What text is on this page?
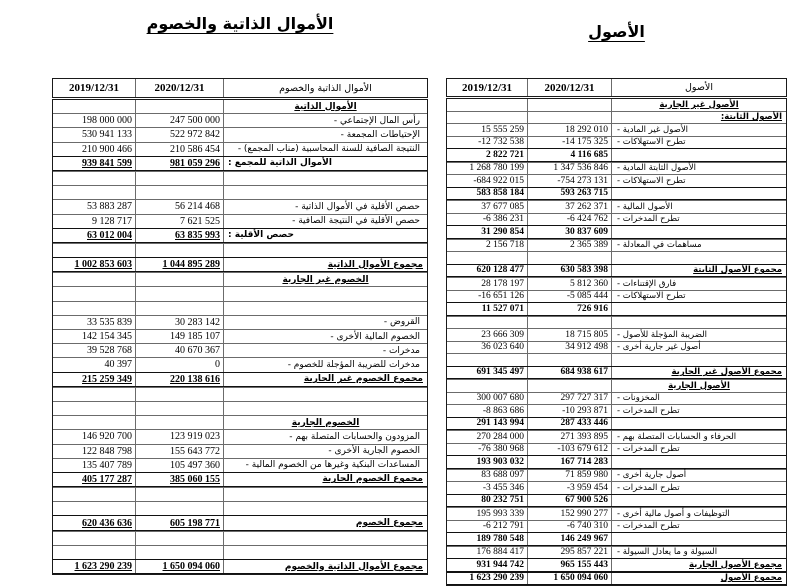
الأموال الذاتية والخصوم	الأصول
2019/12/31	2020/12/31	الأموال الذاتية والخصوم
الأموال الذاتية
198 000 000	247 500 000	- رأس المال الإجتماعي
530 941 133	522 972 842	- الإحتياطات المجمعة
210 900 466	210 586 454	- النتيجة الصافية للسنة المحاسبية (مناب المجمع)
939 841 599	981 059 296 الأموال الذاتية للمجمع :
53 883 287	56 214 468	- حصص الأقلية في الأموال الذاتية
9 128 717	7 621 525	- حصص الأقلية في النتيجة الصافية
63 012 004	63 835 993 حصص الأقلية :
1 002 853 603	1 044 895 289	مجموع الأموال الذاتية
الخصوم غير الجارية
33 535 839	30 283 142	- القروض
142 154 345	149 185 107	- الخصوم المالية الأخرى
39 528 768	40 670 367	- مدخرات
40 397	0	- مدخرات للضريبة المؤجلة للخصوم
215 259 349	220 138 616	مجموع الخصوم غير الجارية
الخصوم الجارية
146 920 700	123 919 023	- المزودون والحسابات المتصلة بهم
122 848 798	155 643 772	- الخصوم الجارية الأخرى
135 407 789	105 497 360	- المساعدات البنكية وغيرها من الخصوم المالية
405 177 287	385 060 155	مجموع الخصوم الجارية
620 436 636	605 198 771	مجموع الخصوم
1 623 290 239	1 650 094 060	مجموع الأموال الذاتية والخصوم
2019/12/31	2020/12/31	الأصول
الأصول غير الجارية
الأصول الثابتة:
15 555 259	18 292 010	- الأصول غير المادية
-12 732 538	-14 175 325	- تطرح الاستهلاكات
2 822 721	4 116 685
1 268 780 199	1 347 536 846	- الأصول الثابتة المادية
-684 922 015	-754 273 131	- تطرح الاستهلاكات
583 858 184	593 263 715
37 677 085	37 262 371	- الأصول المالية
-6 386 231	-6 424 762	- تطرح المدخرات
31 290 854	30 837 609
2 156 718	2 365 389	- مساهمات في المعادلة
620 128 477	630 583 398	مجموع الأصول الثابتة
28 178 197	5 812 360	- فارق الإقتناءات
-16 651 126	-5 085 444	- تطرح الاستهلاكات
11 527 071	726 916
23 666 309	18 715 805	- الضريبة المؤجلة للأصول
36 023 640	34 912 498	- أصول غير جارية أخرى
691 345 497	684 938 617	مجموع الأصول غير الجارية
الأصول الجارية
300 007 680	297 727 317	- المخزونات
-8 863 686	-10 293 871	- تطرح المدخرات
291 143 994	287 433 446
270 284 000	271 393 895	- الحرفاء و الحسابات المتصلة بهم
-76 380 968	-103 679 612	- تطرح المدخرات
193 903 032	167 714 283
83 688 097	71 859 980	- أصول جارية أخرى
-3 455 346	-3 959 454	- تطرح المدخرات
80 232 751	67 900 526
195 993 339	152 990 277	- التوظيفات و أصول مالية أخرى
-6 212 791	-6 740 310	- تطرح المدخرات
189 780 548	146 249 967
176 884 417	295 857 221	- السيولة و ما يعادل السيولة
931 944 742	965 155 443	مجموع الأصول الجارية
1 623 290 239	1 650 094 060	مجموع الأصول
